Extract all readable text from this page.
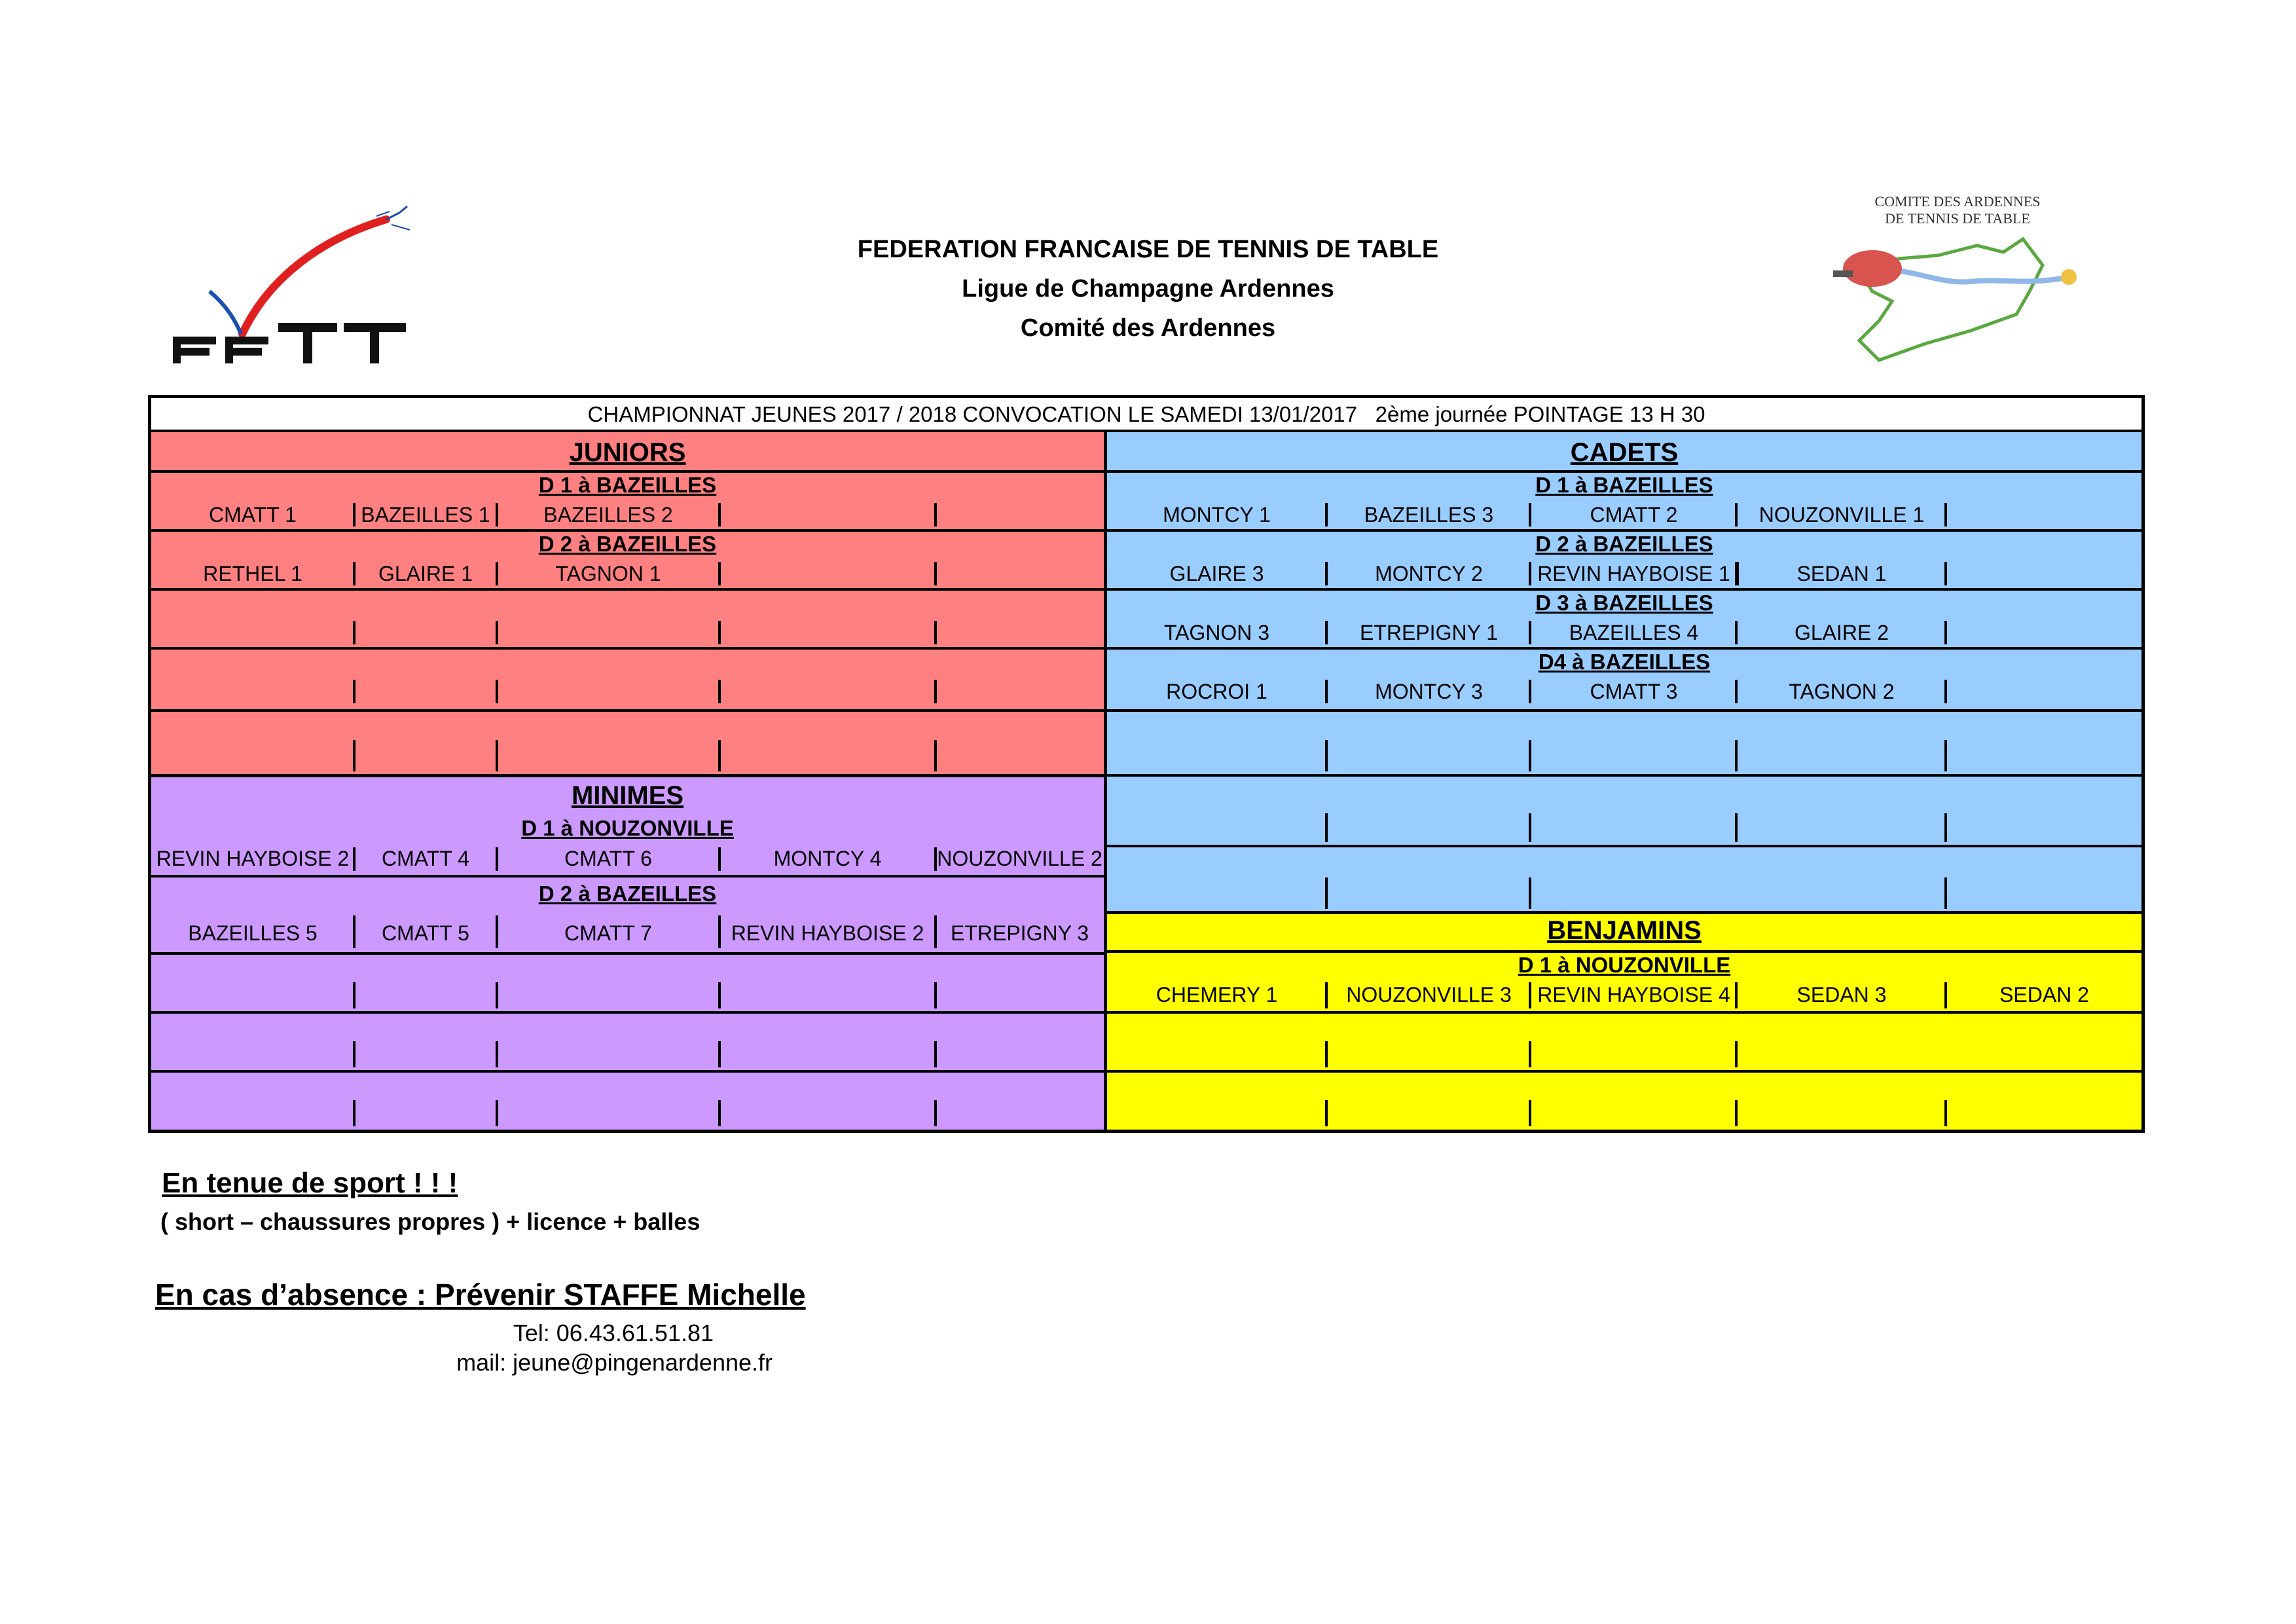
FEDERATION FRANCAISE DE TENNIS DE TABLE
Ligue de Champagne Ardennes
Comité des Ardennes
COMITE DES ARDENNES
DE TENNIS DE TABLE
CHAMPIONNAT JEUNES 2017 / 2018 CONVOCATION LE SAMEDI 13/01/2017   2ème journée POINTAGE 13 H 30
JUNIORS
D 1 à BAZEILLES
D 2 à BAZEILLES
CMATT 1	BAZEILLES 1	BAZEILLES 2
RETHEL 1	GLAIRE 1	TAGNON 1
MINIMES
D 1 à NOUZONVILLE
REVIN HAYBOISE 2	CMATT 4	CMATT 6	MONTCY 4	NOUZONVILLE 2
D 2 à BAZEILLES
BAZEILLES 5	CMATT 5	CMATT 7	REVIN HAYBOISE 2	ETREPIGNY 3
CADETS
D 1 à BAZEILLES
D 2 à BAZEILLES
D 3 à BAZEILLES
D4 à BAZEILLES
MONTCY 1	BAZEILLES 3	CMATT 2	NOUZONVILLE 1
GLAIRE 3	MONTCY 2	REVIN HAYBOISE 1	SEDAN 1
TAGNON 3	ETREPIGNY 1	BAZEILLES 4	GLAIRE 2
ROCROI 1	MONTCY 3	CMATT 3	TAGNON 2
BENJAMINS
D 1 à NOUZONVILLE
CHEMERY 1	NOUZONVILLE 3	REVIN HAYBOISE 4	SEDAN 3	SEDAN 2
En tenue de sport ! ! !
( short – chaussures propres ) + licence + balles
En cas d’absence : Prévenir STAFFE Michelle
Tel: 06.43.61.51.81
mail: jeune@pingenardenne.fr
